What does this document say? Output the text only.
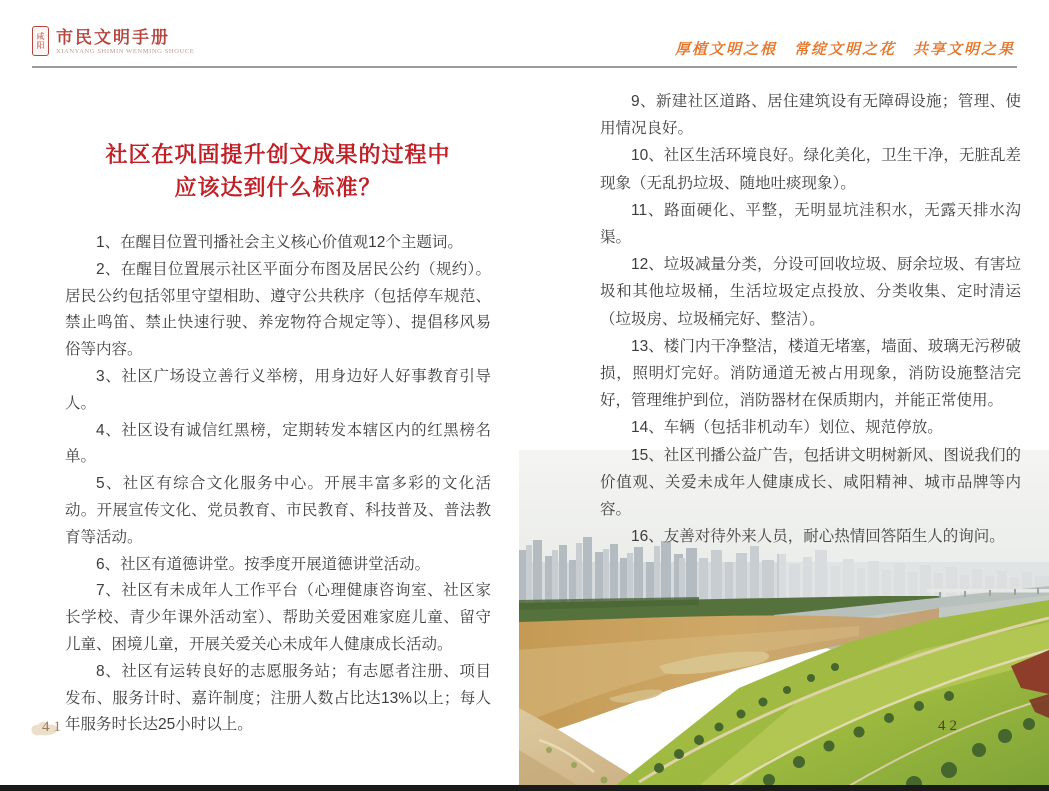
咸
阳 市民文明手册
XIANYANG SHIMIN WENMING SHOUCE	厚植文明之根　常绽文明之花　共享文明之果
社区在巩固提升创文成果的过程中
应该达到什么标准？

1、在醒目位置刊播社会主义核心价值观12个主题词。

2、在醒目位置展示社区平面分布图及居民公约（规约）。居民公约包括邻里守望相助、遵守公共秩序（包括停车规范、禁止鸣笛、禁止快速行驶、养宠物符合规定等）、提倡移风易俗等内容。

3、社区广场设立善行义举榜，用身边好人好事教育引导人。

4、社区设有诚信红黑榜，定期转发本辖区内的红黑榜名单。

5、社区有综合文化服务中心。开展丰富多彩的文化活动。开展宣传文化、党员教育、市民教育、科技普及、普法教育等活动。

6、社区有道德讲堂。按季度开展道德讲堂活动。

7、社区有未成年人工作平台（心理健康咨询室、社区家长学校、青少年课外活动室）、帮助关爱困难家庭儿童、留守儿童、困境儿童，开展关爱关心未成年人健康成长活动。

8、社区有运转良好的志愿服务站；有志愿者注册、项目发布、服务计时、嘉许制度；注册人数占比达13%以上；每人年服务时长达25小时以上。

9、新建社区道路、居住建筑设有无障碍设施；管理、使用情况良好。

10、社区生活环境良好。绿化美化，卫生干净，无脏乱差现象（无乱扔垃圾、随地吐痰现象）。

11、路面硬化、平整，无明显坑洼积水，无露天排水沟渠。

12、垃圾减量分类，分设可回收垃圾、厨余垃圾、有害垃圾和其他垃圾桶，生活垃圾定点投放、分类收集、定时清运（垃圾房、垃圾桶完好、整洁）。

13、楼门内干净整洁，楼道无堵塞，墙面、玻璃无污秽破损，照明灯完好。消防通道无被占用现象，消防设施整洁完好，管理维护到位，消防器材在保质期内，并能正常使用。

14、车辆（包括非机动车）划位、规范停放。

15、社区刊播公益广告，包括讲文明树新风、图说我们的价值观、关爱未成年人健康成长、咸阳精神、城市品牌等内容。

16、友善对待外来人员，耐心热情回答陌生人的询问。

41	42
